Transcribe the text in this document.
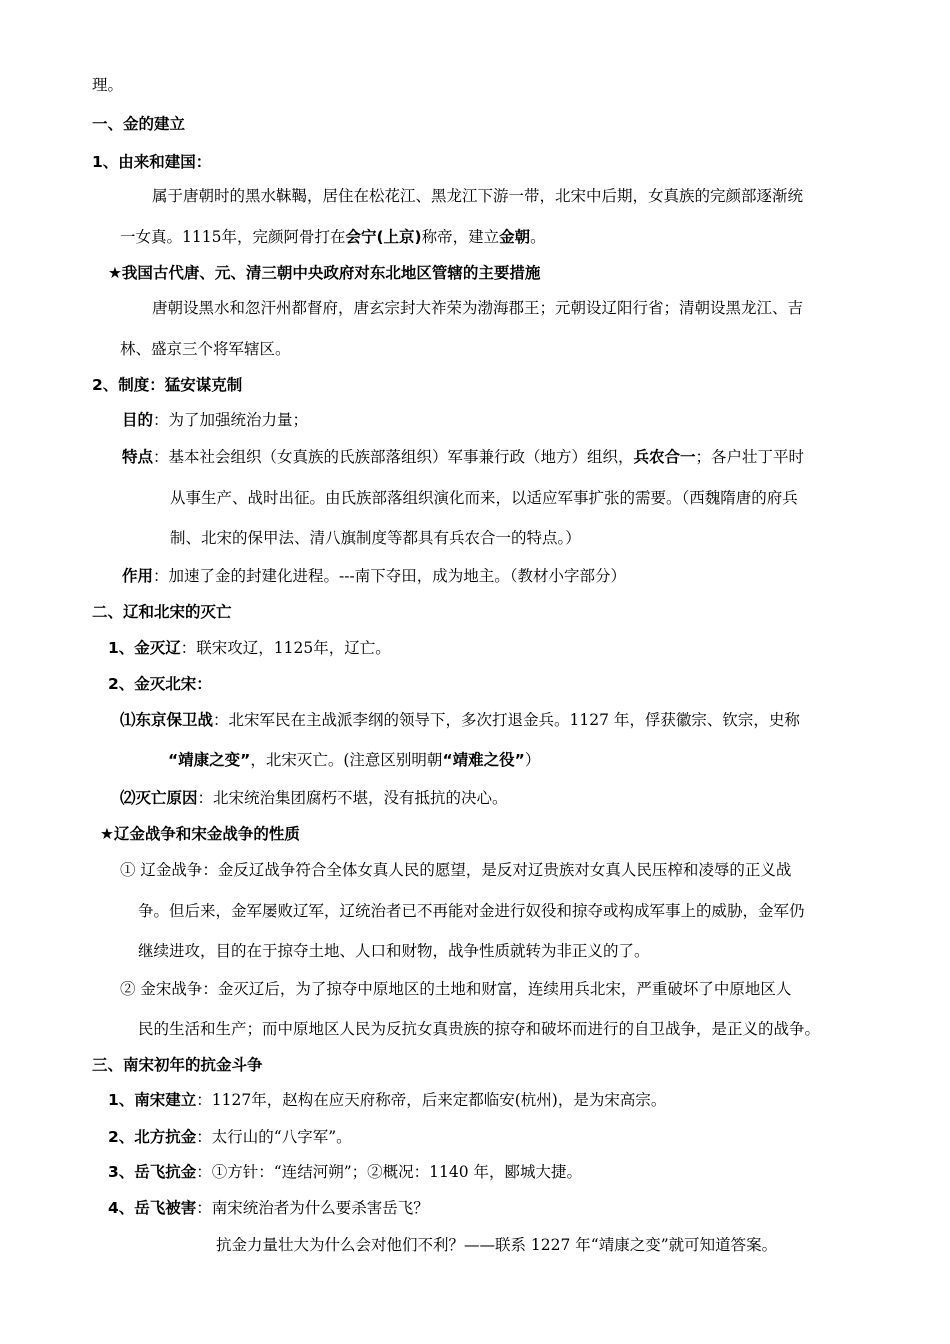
理。
一、金的建立
1、由来和建国：
属于唐朝时的黑水靺鞨，居住在松花江、黑龙江下游一带，北宋中后期，女真族的完颜部逐渐统
一女真。1115年，完颜阿骨打在会宁(上京)称帝，建立金朝。
★我国古代唐、元、清三朝中央政府对东北地区管辖的主要措施
唐朝设黑水和忽汗州都督府，唐玄宗封大祚荣为渤海郡王；元朝设辽阳行省；清朝设黑龙江、吉
林、盛京三个将军辖区。
2、制度：猛安谋克制
目的：为了加强统治力量；
特点：基本社会组织（女真族的氏族部落组织）军事兼行政（地方）组织，兵农合一；各户壮丁平时
从事生产、战时出征。由氏族部落组织演化而来，以适应军事扩张的需要。（西魏隋唐的府兵
制、北宋的保甲法、清八旗制度等都具有兵农合一的特点。）
作用：加速了金的封建化进程。---南下夺田，成为地主。（教材小字部分）
二、辽和北宋的灭亡
1、金灭辽：联宋攻辽，1125年，辽亡。
2、金灭北宋：
⑴东京保卫战：北宋军民在主战派李纲的领导下，多次打退金兵。1127 年，俘获徽宗、钦宗，史称
“靖康之变”，北宋灭亡。(注意区别明朝“靖难之役”）
⑵灭亡原因：北宋统治集团腐朽不堪，没有抵抗的决心。
★辽金战争和宋金战争的性质
① 辽金战争：金反辽战争符合全体女真人民的愿望，是反对辽贵族对女真人民压榨和凌辱的正义战
争。但后来，金军屡败辽军，辽统治者已不再能对金进行奴役和掠夺或构成军事上的威胁，金军仍
继续进攻，目的在于掠夺土地、人口和财物，战争性质就转为非正义的了。
② 金宋战争：金灭辽后，为了掠夺中原地区的土地和财富，连续用兵北宋，严重破坏了中原地区人
民的生活和生产；而中原地区人民为反抗女真贵族的掠夺和破坏而进行的自卫战争，是正义的战争。
三、南宋初年的抗金斗争
1、南宋建立：1127年，赵构在应天府称帝，后来定都临安(杭州)，是为宋高宗。
2、北方抗金：太行山的“八字军”。
3、岳飞抗金：①方针：“连结河朔”；②概况：1140 年，郾城大捷。
4、岳飞被害：南宋统治者为什么要杀害岳飞？
抗金力量壮大为什么会对他们不利？——联系 1227 年“靖康之变”就可知道答案。
